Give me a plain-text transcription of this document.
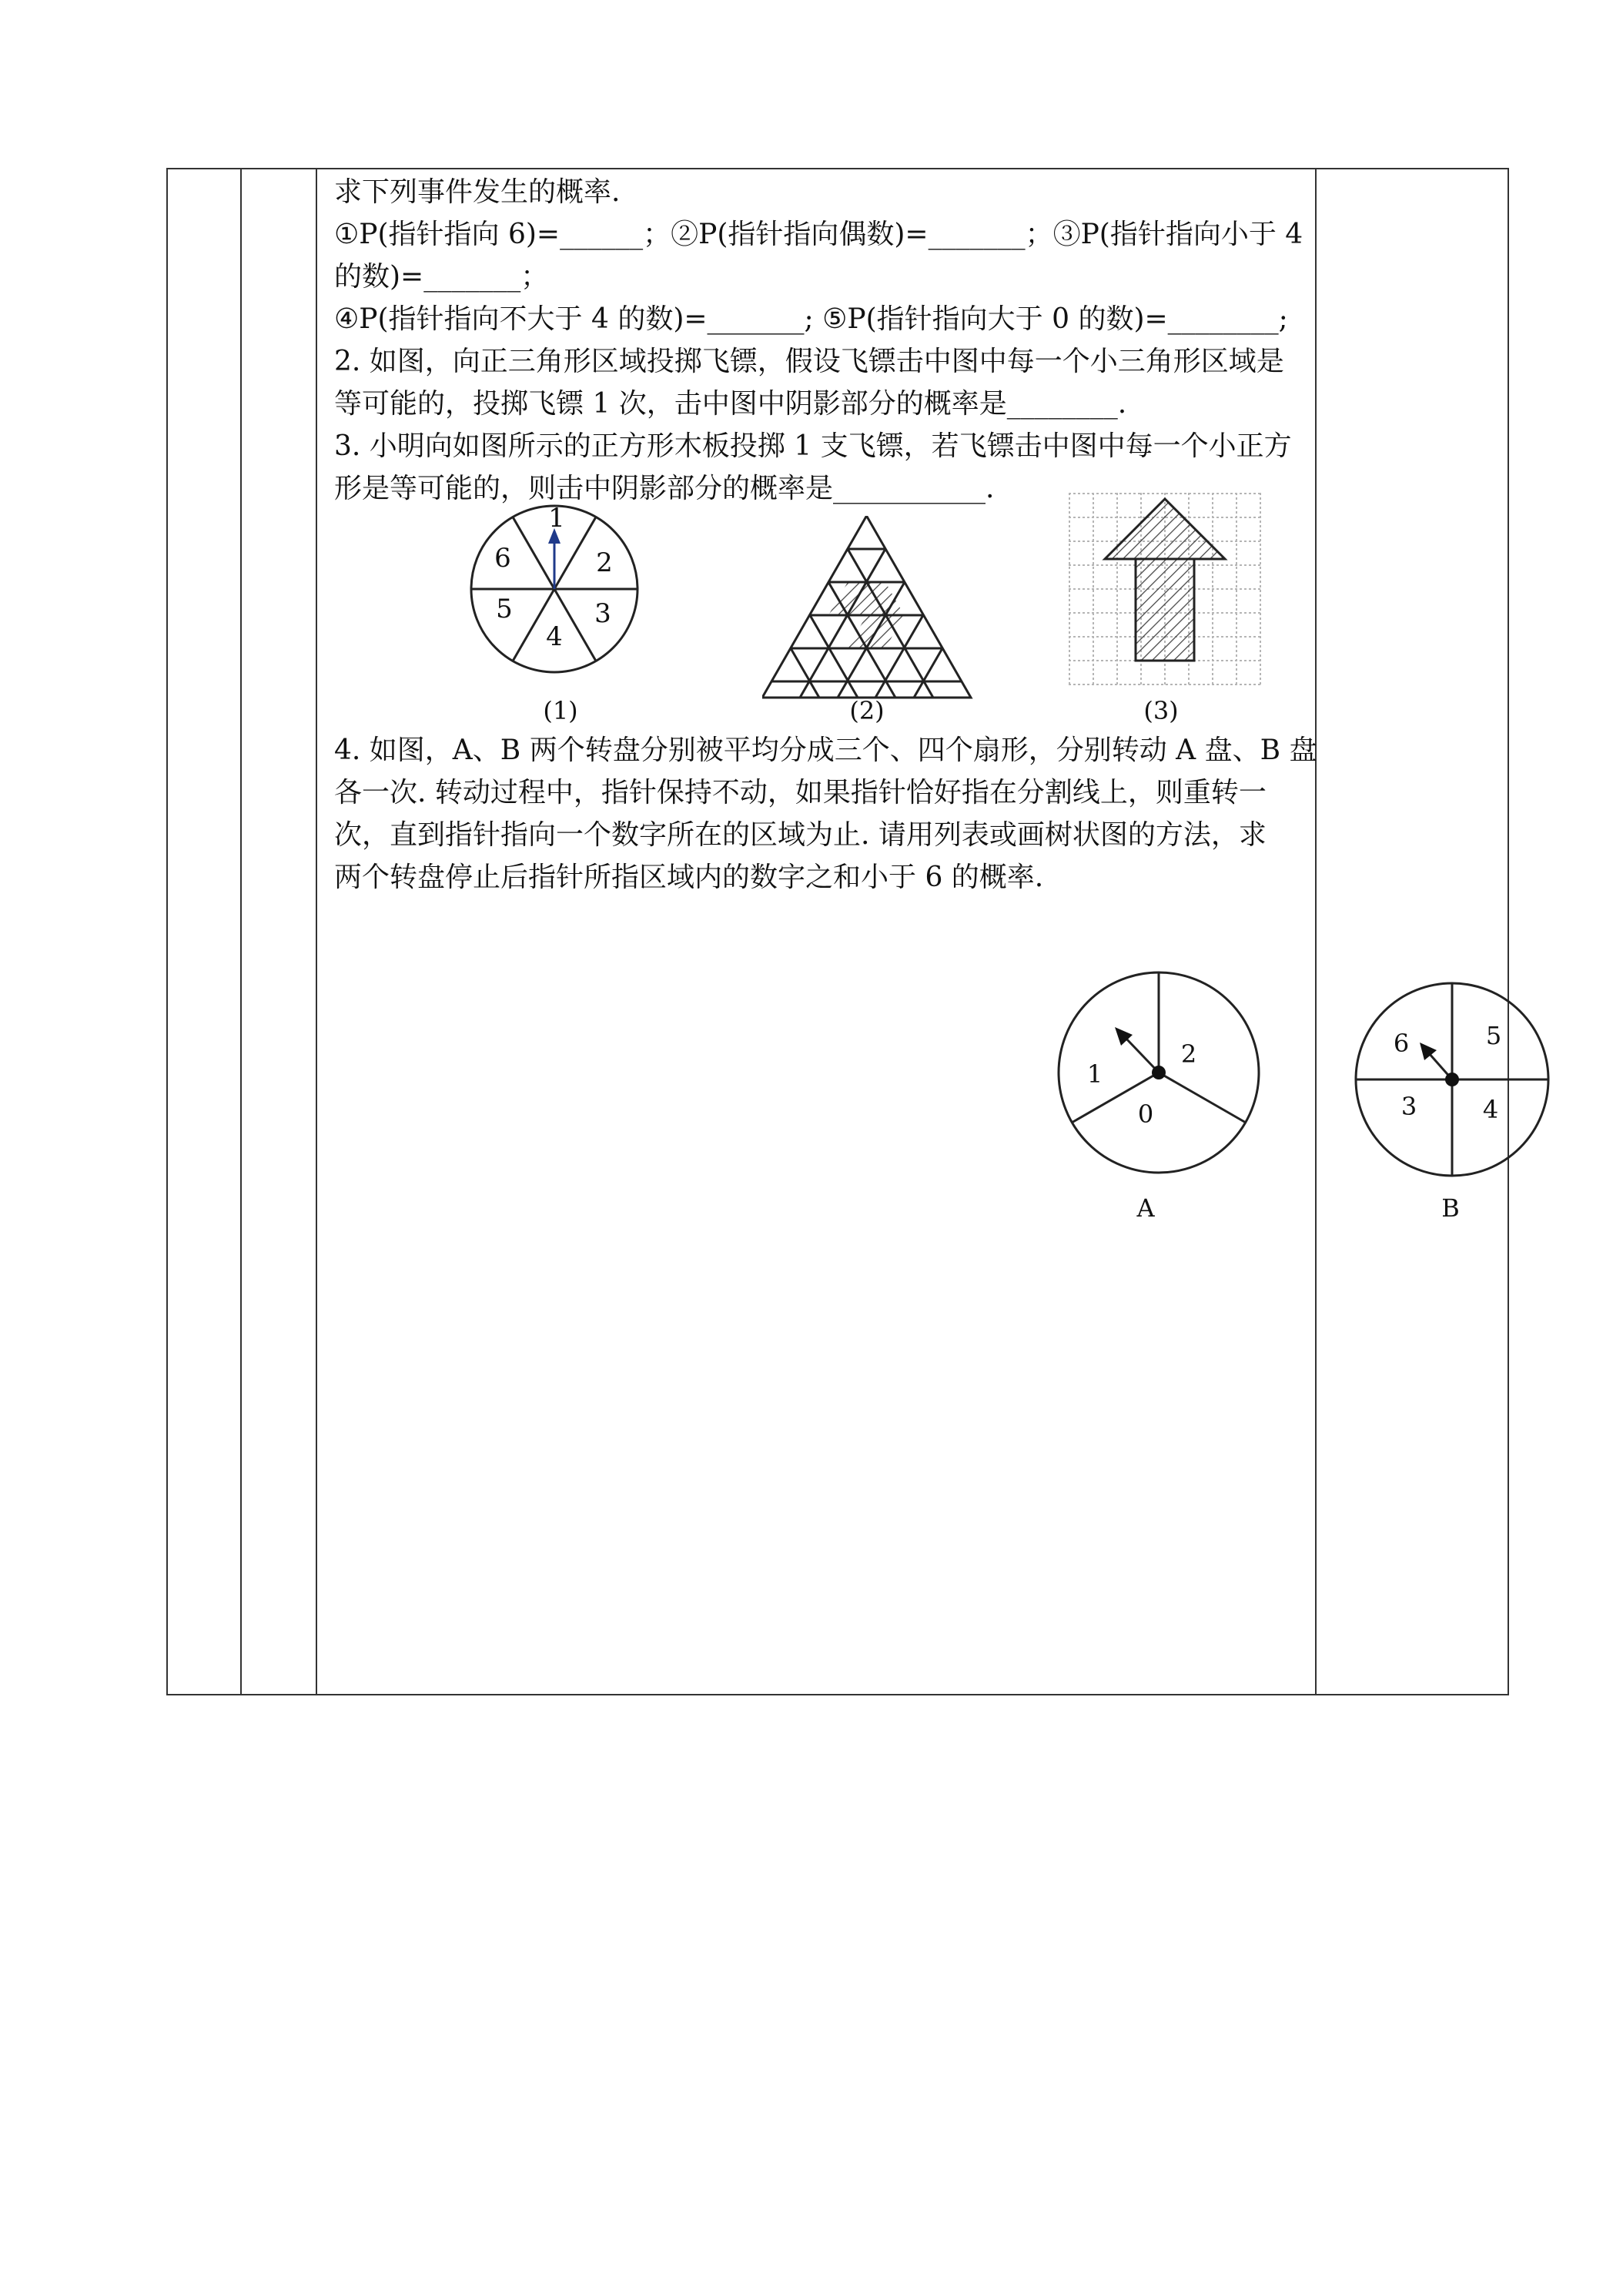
求下列事件发生的概率.

①P(指针指向 6)=______；②P(指针指向偶数)=_______；③P(指针指向小于 4

的数)=_______；

④P(指针指向不大于 4 的数)=_______; ⑤P(指针指向大于 0 的数)=________;

2. 如图，向正三角形区域投掷飞镖，假设飞镖击中图中每一个小三角形区域是

等可能的，投掷飞镖 1 次，击中图中阴影部分的概率是________.

3. 小明向如图所示的正方形木板投掷 1 支飞镖，若飞镖击中图中每一个小正方

形是等可能的，则击中阴影部分的概率是___________.

4. 如图，A、B 两个转盘分别被平均分成三个、四个扇形，分别转动 A 盘、B 盘

各一次. 转动过程中，指针保持不动，如果指针恰好指在分割线上，则重转一

次，直到指针指向一个数字所在的区域为止. 请用列表或画树状图的方法，求

两个转盘停止后指针所指区域内的数字之和小于 6 的概率.

1
2
3
4
5
6
(1)	(2)	(3)
1
2
0
A
6	5
3	4
B
